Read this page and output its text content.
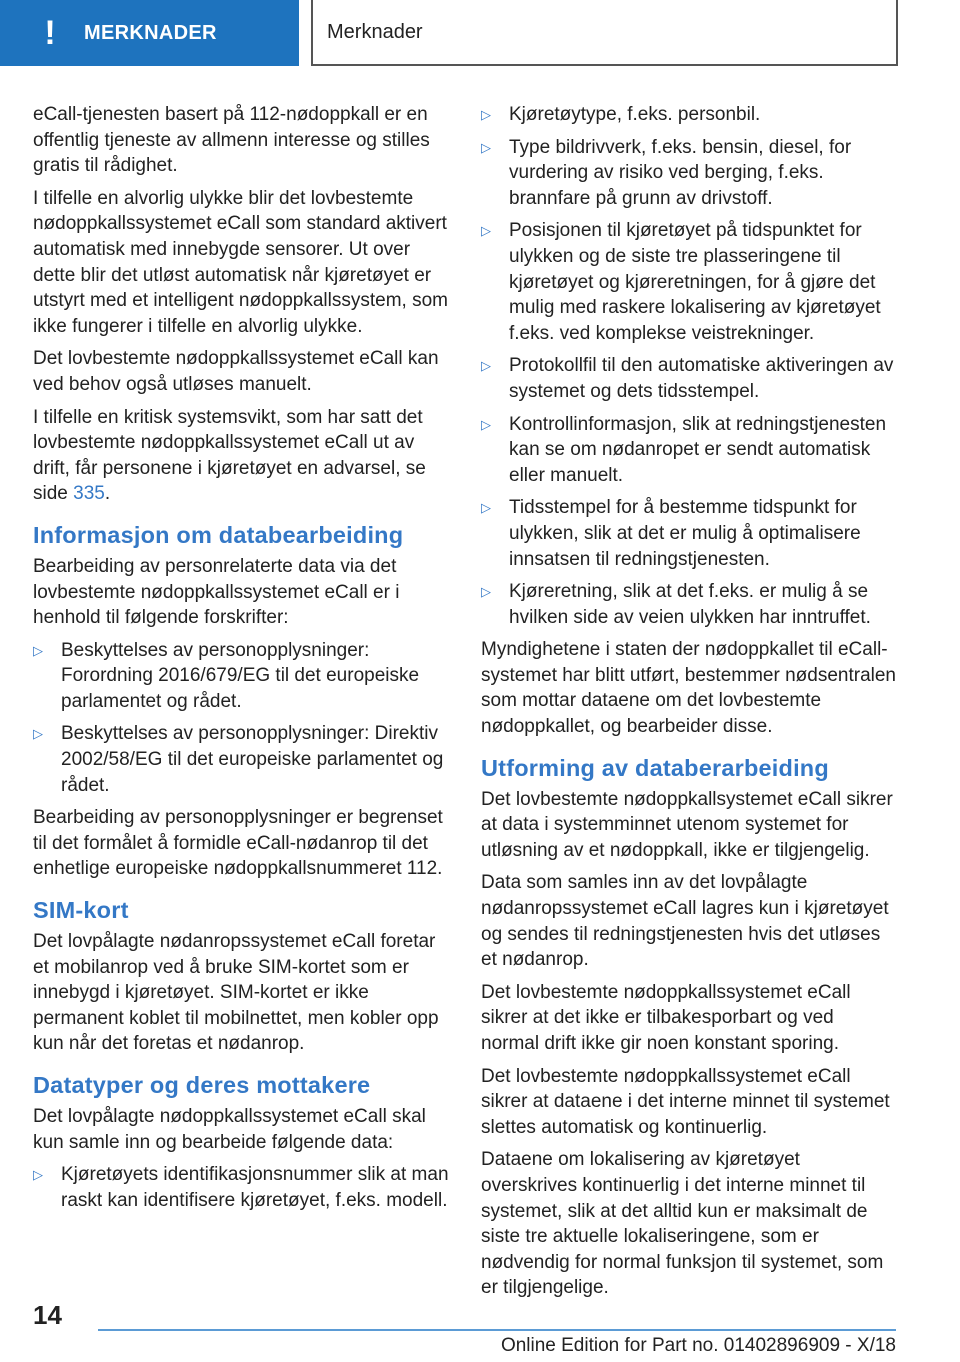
! MERKNADER	Merknader

eCall-tjenesten basert på 112-nødoppkall er en offentlig tjeneste av allmenn interesse og stilles gratis til rådighet.

I tilfelle en alvorlig ulykke blir det lovbestemte nødoppkallssystemet eCall som standard aktivert automatisk med innebygde sensorer. Ut over dette blir det utløst automatisk når kjøretøyet er utstyrt med et intelligent nødoppkallssystem, som ikke fungerer i tilfelle en alvorlig ulykke.

Det lovbestemte nødoppkallssystemet eCall kan ved behov også utløses manuelt.

I tilfelle en kritisk systemsvikt, som har satt det lovbestemte nødoppkallssystemet eCall ut av drift, får personene i kjøretøyet en advarsel, se side 335.

Informasjon om databearbeiding

Bearbeiding av personrelaterte data via det lovbestemte nødoppkallssystemet eCall er i henhold til følgende forskrifter:

▷ Beskyttelses av personopplysninger: Forordning 2016/679/EG til det europeiske parlamentet og rådet.
▷ Beskyttelses av personopplysninger: Direktiv 2002/58/EG til det europeiske parlamentet og rådet.

Bearbeiding av personopplysninger er begrenset til det formålet å formidle eCall-nødanrop til det enhetlige europeiske nødoppkallsnummeret 112.

SIM-kort

Det lovpålagte nødanropssystemet eCall foretar et mobilanrop ved å bruke SIM-kortet som er innebygd i kjøretøyet. SIM-kortet er ikke permanent koblet til mobilnettet, men kobler opp kun når det foretas et nødanrop.

Datatyper og deres mottakere

Det lovpålagte nødoppkallssystemet eCall skal kun samle inn og bearbeide følgende data:

▷ Kjøretøyets identifikasjonsnummer slik at man raskt kan identifisere kjøretøyet, f.eks. modell.
▷ Kjøretøytype, f.eks. personbil.
▷ Type bildrivverk, f.eks. bensin, diesel, for vurdering av risiko ved berging, f.eks. brannfare på grunn av drivstoff.
▷ Posisjonen til kjøretøyet på tidspunktet for ulykken og de siste tre plasseringene til kjøretøyet og kjøreretningen, for å gjøre det mulig med raskere lokalisering av kjøretøyet f.eks. ved komplekse veistrekninger.
▷ Protokollfil til den automatiske aktiveringen av systemet og dets tidsstempel.
▷ Kontrollinformasjon, slik at redningstjenesten kan se om nødanropet er sendt automatisk eller manuelt.
▷ Tidsstempel for å bestemme tidspunkt for ulykken, slik at det er mulig å optimalisere innsatsen til redningstjenesten.
▷ Kjøreretning, slik at det f.eks. er mulig å se hvilken side av veien ulykken har inntruffet.

Myndighetene i staten der nødoppkallet til eCall-systemet har blitt utført, bestemmer nødsentralen som mottar dataene om det lovbestemte nødoppkallet, og bearbeider disse.

Utforming av databerarbeiding

Det lovbestemte nødoppkallsystemet eCall sikrer at data i systemminnet utenom systemet for utløsning av et nødoppkall, ikke er tilgjengelig.

Data som samles inn av det lovpålagte nødanropssystemet eCall lagres kun i kjøretøyet og sendes til redningstjenesten hvis det utløses et nødanrop.

Det lovbestemte nødoppkallssystemet eCall sikrer at det ikke er tilbakesporbart og ved normal drift ikke gir noen konstant sporing.

Det lovbestemte nødoppkallssystemet eCall sikrer at dataene i det interne minnet til systemet slettes automatisk og kontinuerlig.

Dataene om lokalisering av kjøretøyet overskrives kontinuerlig i det interne minnet til systemet, slik at det alltid kun er maksimalt de siste tre aktuelle lokaliseringene, som er nødvendig for normal funksjon til systemet, som er tilgjengelige.

14
Online Edition for Part no. 01402896909 - X/18
